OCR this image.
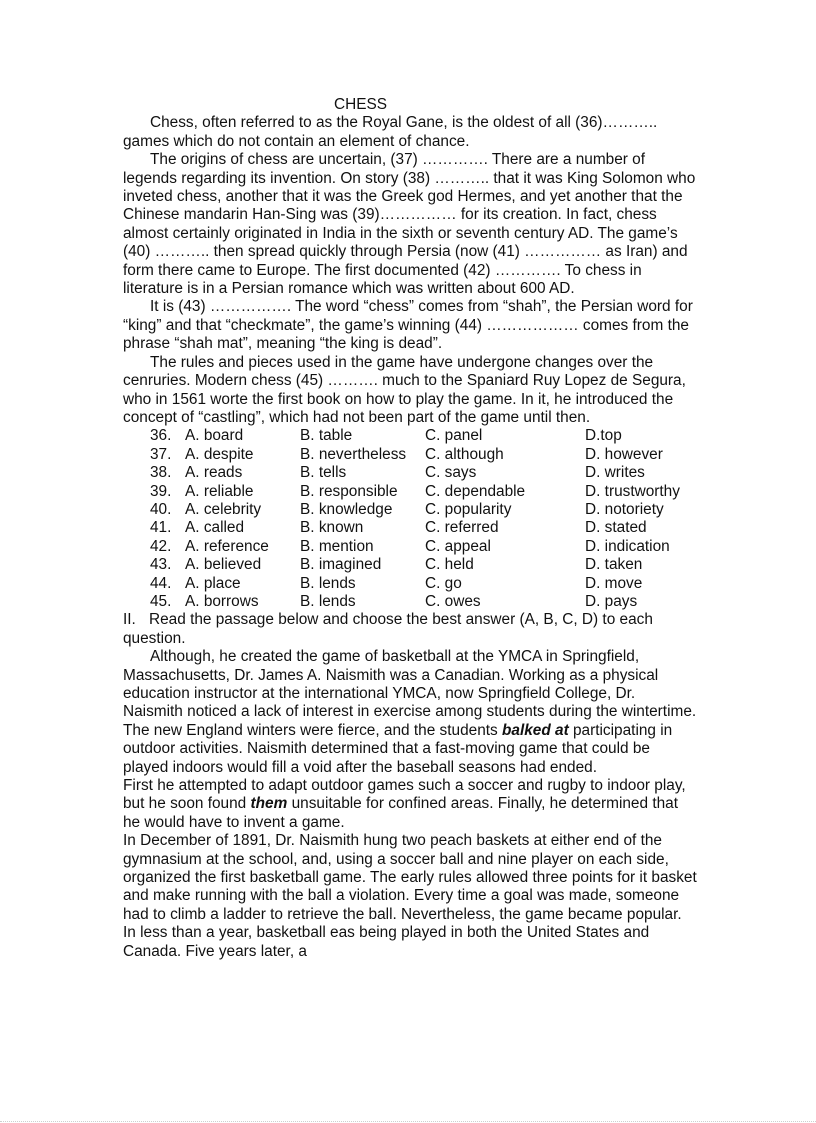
CHESS

Chess, often referred to as the Royal Gane, is the oldest of all (36)……….. games which do not contain an element of chance.

The origins of chess are uncertain, (37) …………. There are a number of legends regarding its invention. On story (38) ……….. that it was King Solomon who inveted chess, another that it was the Greek god Hermes, and yet another that the Chinese mandarin Han-Sing was (39)…………… for its creation. In fact, chess almost certainly originated in India in the sixth or seventh century AD. The game’s (40) ……….. then spread quickly through Persia (now (41) …………… as Iran) and form there came to Europe. The first documented (42) …………. To chess in literature is in a Persian romance which was written about 600 AD.

It is (43) ……………. The word “chess” comes from “shah”, the Persian word for “king” and that “checkmate”, the game’s winning (44) ……………… comes from the phrase “shah mat”, meaning “the king is dead”.

The rules and pieces used in the game have undergone changes over the cenruries. Modern chess (45) ………. much to the Spaniard Ruy Lopez de Segura, who in 1561 worte the first book on how to play the game. In it, he introduced the concept of “castling”, which had not been part of the game until then.

36.	A. board	B. table	C. panel	D.top
37.	A. despite	B. nevertheless	C. although	D. however
38.	A. reads	B. tells	C. says	D. writes
39.	A. reliable	B. responsible	C. dependable	D. trustworthy
40.	A. celebrity	B. knowledge	C. popularity	D. notoriety
41.	A. called	B. known	C. referred	D. stated
42.	A. reference	B. mention	C. appeal	D. indication
43.	A. believed	B. imagined	C. held	D. taken
44.	A. place	B. lends	C. go	D. move
45.	A. borrows	B. lends	C. owes	D. pays

II. Read the passage below and choose the best answer (A, B, C, D) to each question.

Although, he created the game of basketball at the YMCA in Springfield, Massachusetts, Dr. James A. Naismith was a Canadian. Working as a physical education instructor at the international YMCA, now Springfield College, Dr. Naismith noticed a lack of interest in exercise among students during the wintertime. The new England winters were fierce, and the students balked at participating in outdoor activities. Naismith determined that a fast-moving game that could be played indoors would fill a void after the baseball seasons had ended.

First he attempted to adapt outdoor games such a soccer and rugby to indoor play, but he soon found them unsuitable for confined areas. Finally, he determined that he would have to invent a game.

In December of 1891, Dr. Naismith hung two peach baskets at either end of the gymnasium at the school, and, using a soccer ball and nine player on each side, organized the first basketball game. The early rules allowed three points for it basket and make running with the ball a violation. Every time a goal was made, someone had to climb a ladder to retrieve the ball. Nevertheless, the game became popular. In less than a year, basketball eas being played in both the United States and Canada. Five years later, a
